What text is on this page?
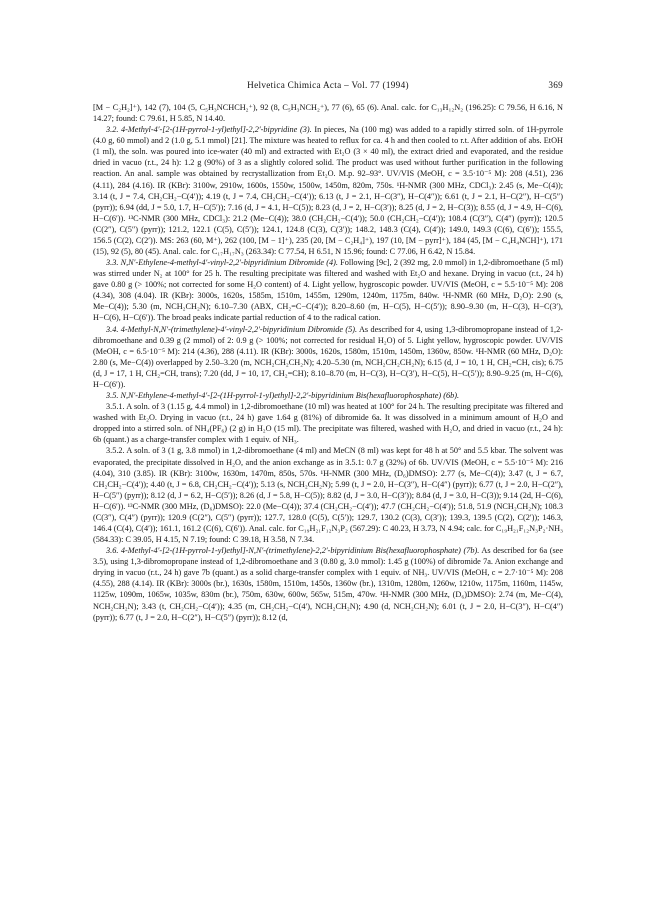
Helvetica Chimica Acta – Vol. 77 (1994)	369

[M − C₂H₂]⁺), 142 (7), 104 (5, C₅H₃NCHCH₂⁺), 92 (8, C₅H₃NCH₂⁺), 77 (6), 65 (6). Anal. calc. for C₁₃H₁₂N₂ (196.25): C 79.56, H 6.16, N 14.27; found: C 79.61, H 5.85, N 14.40.

3.2. 4-Methyl-4′-[2-(1H-pyrrol-1-yl)ethyl]-2,2′-bipyridine (3). In pieces, Na (100 mg) was added to a rapidly stirred soln. of 1H-pyrrole (4.0 g, 60 mmol) and 2 (1.0 g, 5.1 mmol) [21]. The mixture was heated to reflux for ca. 4 h and then cooled to r.t. After addition of abs. EtOH (1 ml), the soln. was poured into ice-water (40 ml) and extracted with Et₂O (3 × 40 ml), the extract dried and evaporated, and the residue dried in vacuo (r.t., 24 h): 1.2 g (90%) of 3 as a slightly colored solid. The product was used without further purification in the following reaction. An anal. sample was obtained by recrystallization from Et₂O. M.p. 92–93°. UV/VIS (MeOH, c = 3.5·10⁻⁵ M): 208 (4.51), 236 (4.11), 284 (4.16). IR (KBr): 3100w, 2910w, 1600s, 1550w, 1500w, 1450m, 820m, 750s. ¹H-NMR (300 MHz, CDCl₃): 2.45 (s, Me−C(4)); 3.14 (t, J = 7.4, CH₂CH₂−C(4′)); 4.19 (t, J = 7.4, CH₂CH₂−C(4′)); 6.13 (t, J = 2.1, H−C(3″), H−C(4″)); 6.61 (t, J = 2.1, H−C(2″), H−C(5″) (pyrr)); 6.94 (dd, J = 5.0, 1.7, H−C(5′)); 7.16 (d, J = 4.1, H−C(5)); 8.23 (d, J = 2, H−C(3′)); 8.25 (d, J = 2, H−C(3)); 8.55 (d, J = 4.9, H−C(6), H−C(6′)). ¹³C-NMR (300 MHz, CDCl₃): 21.2 (Me−C(4)); 38.0 (CH₂CH₂−C(4′)); 50.0 (CH₂CH₂−C(4′)); 108.4 (C(3″), C(4″) (pyrr)); 120.5 (C(2″), C(5″) (pyrr)); 121.2, 122.1 (C(5), C(5′)); 124.1, 124.8 (C(3), C(3′)); 148.2, 148.3 (C(4), C(4′)); 149.0, 149.3 (C(6), C(6′)); 155.5, 156.5 (C(2), C(2′)). MS: 263 (60, M⁺), 262 (100, [M − 1]⁺), 235 (20, [M − C₂H₄]⁺), 197 (10, [M − pyrr]⁺), 184 (45, [M − C₄H₄NCH]⁺), 171 (15), 92 (5), 80 (45). Anal. calc. for C₁₇H₁₇N₃ (263.34): C 77.54, H 6.51, N 15.96; found: C 77.06, H 6.42, N 15.84.

3.3. N,N′-Ethylene-4-methyl-4′-vinyl-2,2′-bipyridinium Dibromide (4). Following [9c], 2 (392 mg, 2.0 mmol) in 1,2-dibromoethane (5 ml) was stirred under N₂ at 100° for 25 h. The resulting precipitate was filtered and washed with Et₂O and hexane. Drying in vacuo (r.t., 24 h) gave 0.80 g (> 100%; not corrected for some H₂O content) of 4. Light yellow, hygroscopic powder. UV/VIS (MeOH, c = 5.5·10⁻⁵ M): 208 (4.34), 308 (4.04). IR (KBr): 3000s, 1620s, 1585m, 1510m, 1455m, 1290m, 1240m, 1175m, 840w. ¹H-NMR (60 MHz, D₂O): 2.90 (s, Me−C(4)); 5.30 (m, NCH₂CH₂N); 6.10–7.30 (ABX, CH₂=C−C(4′)); 8.20–8.60 (m, H−C(5), H−C(5′)); 8.90–9.30 (m, H−C(3), H−C(3′), H−C(6), H−C(6′)). The broad peaks indicate partial reduction of 4 to the radical cation.

3.4. 4-Methyl-N,N′-(trimethylene)-4′-vinyl-2,2′-bipyridinium Dibromide (5). As described for 4, using 1,3-dibromopropane instead of 1,2-dibromoethane and 0.39 g (2 mmol) of 2: 0.9 g (> 100%; not corrected for residual H₂O) of 5. Light yellow, hygroscopic powder. UV/VIS (MeOH, c = 6.5·10⁻⁵ M): 214 (4.36), 288 (4.11). IR (KBr): 3000s, 1620s, 1580m, 1510m, 1450m, 1360w, 850w. ¹H-NMR (60 MHz, D₂O): 2.80 (s, Me−C(4)) overlapped by 2.50–3.20 (m, NCH₂CH₂CH₂N); 4.20–5.30 (m, NCH₂CH₂CH₂N); 6.15 (d, J = 10, 1 H, CH₂=CH, cis); 6.75 (d, J = 17, 1 H, CH₂=CH, trans); 7.20 (dd, J = 10, 17, CH₂=CH); 8.10–8.70 (m, H−C(3), H−C(3′), H−C(5), H−C(5′)); 8.90–9.25 (m, H−C(6), H−C(6′)).

3.5. N,N′-Ethylene-4-methyl-4′-[2-(1H-pyrrol-1-yl)ethyl]-2,2′-bipyridinium Bis(hexafluorophosphate) (6b).

3.5.1. A soln. of 3 (1.15 g, 4.4 mmol) in 1,2-dibromoethane (10 ml) was heated at 100° for 24 h. The resulting precipitate was filtered and washed with Et₂O. Drying in vacuo (r.t., 24 h) gave 1.64 g (81%) of dibromide 6a. It was dissolved in a minimum amount of H₂O and dropped into a stirred soln. of NH₄(PF₆) (2 g) in H₂O (15 ml). The precipitate was filtered, washed with H₂O, and dried in vacuo (r.t., 24 h): 6b (quant.) as a charge-transfer complex with 1 equiv. of NH₃.

3.5.2. A soln. of 3 (1 g, 3.8 mmol) in 1,2-dibromoethane (4 ml) and MeCN (8 ml) was kept for 48 h at 50° and 5.5 kbar. The solvent was evaporated, the precipitate dissolved in H₂O, and the anion exchange as in 3.5.1: 0.7 g (32%) of 6b. UV/VIS (MeOH, c = 5.5·10⁻⁵ M): 216 (4.04), 310 (3.85). IR (KBr): 3100w, 1630m, 1470m, 850s, 570s. ¹H-NMR (300 MHz, (D₆)DMSO): 2.77 (s, Me−C(4)); 3.47 (t, J = 6.7, CH₂CH₂−C(4′)); 4.40 (t, J = 6.8, CH₂CH₂−C(4′)); 5.13 (s, NCH₂CH₂N); 5.99 (t, J = 2.0, H−C(3″), H−C(4″) (pyrr)); 6.77 (t, J = 2.0, H−C(2″), H−C(5″) (pyrr)); 8.12 (d, J = 6.2, H−C(5′)); 8.26 (d, J = 5.8, H−C(5)); 8.82 (d, J = 3.0, H−C(3′)); 8.84 (d, J = 3.0, H−C(3)); 9.14 (2d, H−C(6), H−C(6′)). ¹³C-NMR (300 MHz, (D₆)DMSO): 22.0 (Me−C(4)); 37.4 (CH₂CH₂−C(4′)); 47.7 (CH₂CH₂−C(4′)); 51.8, 51.9 (NCH₂CH₂N); 108.3 (C(3″), C(4″) (pyrr)); 120.9 (C(2″), C(5″) (pyrr)); 127.7, 128.0 (C(5), C(5′)); 129.7, 130.2 (C(3), C(3′)); 139.3, 139.5 (C(2), C(2′)); 146.3, 146.4 (C(4), C(4′)); 161.1, 161.2 (C(6), C(6′)). Anal. calc. for C₁₉H₂₁F₁₂N₃P₂ (567.29): C 40.23, H 3.73, N 4.94; calc. for C₁₉H₂₁F₁₂N₃P₂·NH₃ (584.33): C 39.05, H 4.15, N 7.19; found: C 39.18, H 3.58, N 7.34.

3.6. 4-Methyl-4′-[2-(1H-pyrrol-1-yl)ethyl]-N,N′-(trimethylene)-2,2′-bipyridinium Bis(hexafluorophosphate) (7b). As described for 6a (see 3.5), using 1,3-dibromopropane instead of 1,2-dibromoethane and 3 (0.80 g, 3.0 mmol): 1.45 g (100%) of dibromide 7a. Anion exchange and drying in vacuo (r.t., 24 h) gave 7b (quant.) as a solid charge-transfer complex with 1 equiv. of NH₃. UV/VIS (MeOH, c = 2.7·10⁻⁵ M): 208 (4.55), 288 (4.14). IR (KBr): 3000s (br.), 1630s, 1580m, 1510m, 1450s, 1360w (br.), 1310m, 1280m, 1260w, 1210w, 1175m, 1160m, 1145w, 1125w, 1090m, 1065w, 1035w, 830m (br.), 750m, 630w, 600w, 565w, 515m, 470w. ¹H-NMR (300 MHz, (D₆)DMSO): 2.74 (m, Me−C(4), NCH₂CH₂N); 3.43 (t, CH₂CH₂−C(4′)); 4.35 (m, CH₂CH₂−C(4′), NCH₂CH₂N); 4.90 (d, NCH₂CH₂N); 6.01 (t, J = 2.0, H−C(3″), H−C(4″) (pyrr)); 6.77 (t, J = 2.0, H−C(2″), H−C(5″) (pyrr)); 8.12 (d,
